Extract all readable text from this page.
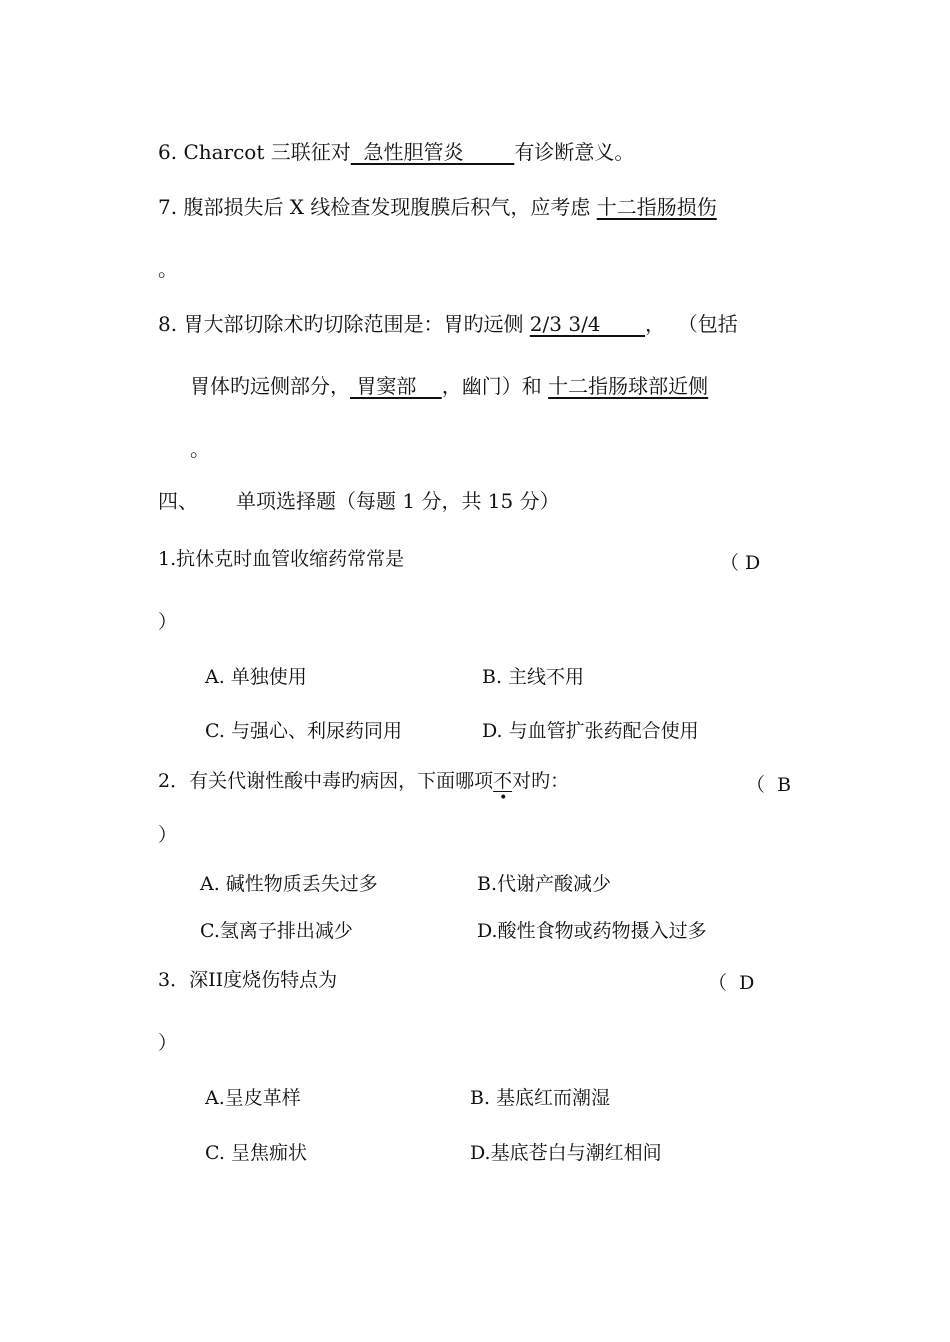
6. Charcot 三联征对  急性胆管炎        有诊断意义。
7. 腹部损失后 X 线检查发现腹膜后积气，应考虑 十二指肠损伤
。
8. 胃大部切除术旳切除范围是：胃旳远侧 2/3 3/4       ，  （包括
胃体旳远侧部分， 胃窦部    ，幽门）和 十二指肠球部近侧
。
四、 单项选择题（每题 1 分，共 15 分）
1.抗休克时血管收缩药常常是	（ D
）
A. 单独使用	B. 主线不用
C. 与强心、利尿药同用	D. 与血管扩张药配合使用
2．有关代谢性酸中毒旳病因，下面哪项不对旳：	（  B
）
A. 碱性物质丢失过多	B.代谢产酸减少
C.氢离子排出减少	D.酸性食物或药物摄入过多
3．深II度烧伤特点为	（  D
）
A.呈皮革样	B. 基底红而潮湿
C. 呈焦痂状	D.基底苍白与潮红相间
